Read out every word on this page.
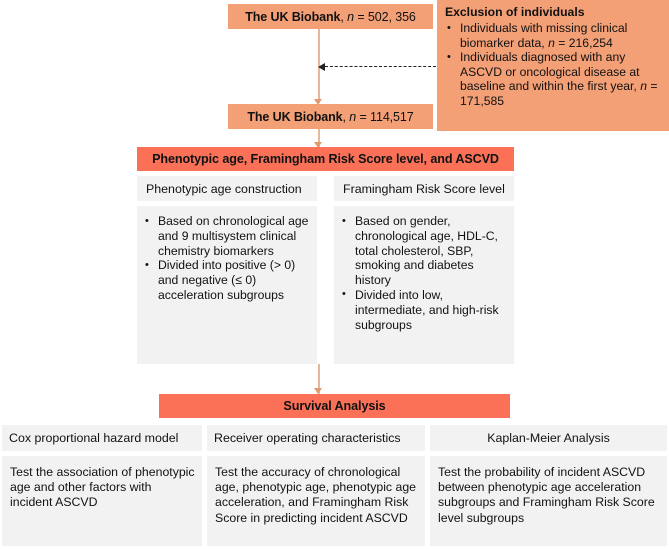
The UK Biobank , n = 502, 356 Exclusion of individuals
• Individuals with missing clinical biomarker data, n = 216,254
• Individuals diagnosed with any ASCVD or oncological disease at baseline and within the first year, n = 171,585
The UK Biobank , n = 114,517
Phenotypic age, Framingham Risk Score level, and ASCVD
Phenotypic age construction	Framingham Risk Score level
• Based on chronological age and 9 multisystem clinical chemistry biomarkers
• Divided into positive (> 0) and negative (≤ 0) acceleration subgroups
• Based on gender, chronological age, HDL-C, total cholesterol, SBP, smoking and diabetes history
• Divided into low, intermediate, and high-risk subgroups
Survival Analysis
Cox proportional hazard model	Receiver operating characteristics	Kaplan-Meier Analysis
Test the association of phenotypic age and other factors with incident ASCVD
Test the accuracy of chronological age, phenotypic age, phenotypic age acceleration, and Framingham Risk Score in predicting incident ASCVD
Test the probability of incident ASCVD between phenotypic age acceleration subgroups and Framingham Risk Score level subgroups
